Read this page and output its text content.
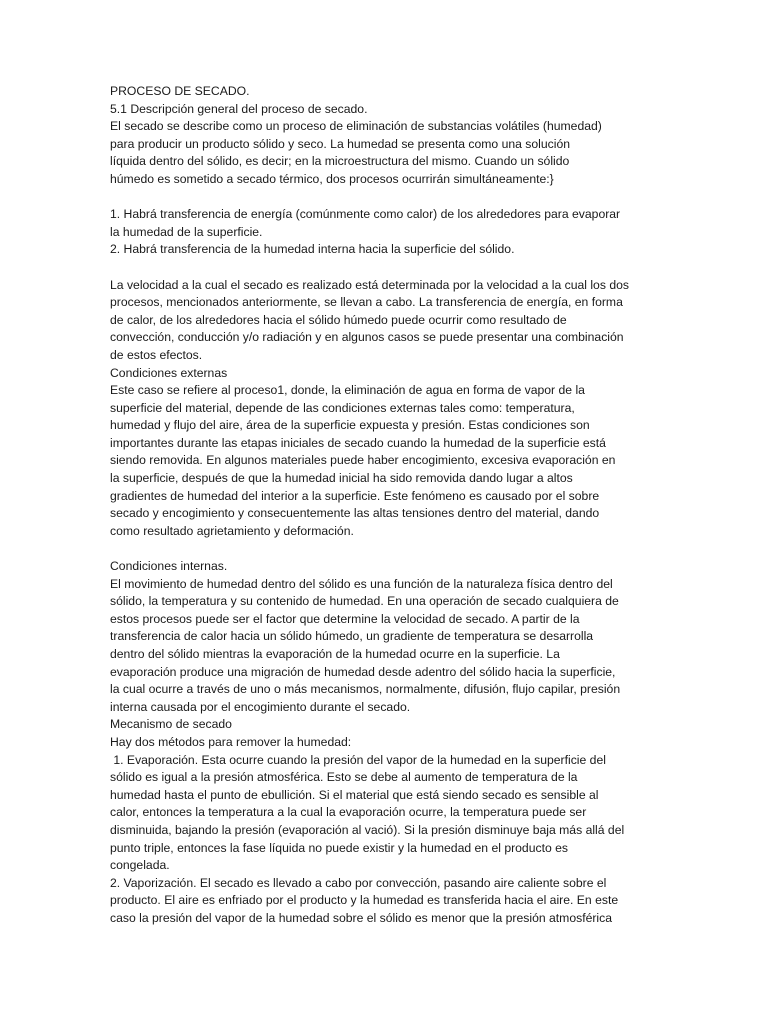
PROCESO DE SECADO.
5.1 Descripción general del proceso de secado.
El secado se describe como un proceso de eliminación de substancias volátiles (humedad)
para producir un producto sólido y seco. La humedad se presenta como una solución
líquida dentro del sólido, es decir; en la microestructura del mismo. Cuando un sólido
húmedo es sometido a secado térmico, dos procesos ocurrirán simultáneamente:}
1. Habrá transferencia de energía (comúnmente como calor) de los alrededores para evaporar
la humedad de la superficie.
2. Habrá transferencia de la humedad interna hacia la superficie del sólido.
La velocidad a la cual el secado es realizado está determinada por la velocidad a la cual los dos
procesos, mencionados anteriormente, se llevan a cabo. La transferencia de energía, en forma
de calor, de los alrededores hacia el sólido húmedo puede ocurrir como resultado de
convección, conducción y/o radiación y en algunos casos se puede presentar una combinación
de estos efectos.
Condiciones externas
Este caso se refiere al proceso1, donde, la eliminación de agua en forma de vapor de la
superficie del material, depende de las condiciones externas tales como: temperatura,
humedad y flujo del aire, área de la superficie expuesta y presión. Estas condiciones son
importantes durante las etapas iniciales de secado cuando la humedad de la superficie está
siendo removida. En algunos materiales puede haber encogimiento, excesiva evaporación en
la superficie, después de que la humedad inicial ha sido removida dando lugar a altos
gradientes de humedad del interior a la superficie. Este fenómeno es causado por el sobre
secado y encogimiento y consecuentemente las altas tensiones dentro del material, dando
como resultado agrietamiento y deformación.
Condiciones internas.
El movimiento de humedad dentro del sólido es una función de la naturaleza física dentro del
sólido, la temperatura y su contenido de humedad. En una operación de secado cualquiera de
estos procesos puede ser el factor que determine la velocidad de secado. A partir de la
transferencia de calor hacia un sólido húmedo, un gradiente de temperatura se desarrolla
dentro del sólido mientras la evaporación de la humedad ocurre en la superficie. La
evaporación produce una migración de humedad desde adentro del sólido hacia la superficie,
la cual ocurre a través de uno o más mecanismos, normalmente, difusión, flujo capilar, presión
interna causada por el encogimiento durante el secado.
Mecanismo de secado
Hay dos métodos para remover la humedad:
1. Evaporación. Esta ocurre cuando la presión del vapor de la humedad en la superficie del
sólido es igual a la presión atmosférica. Esto se debe al aumento de temperatura de la
humedad hasta el punto de ebullición. Si el material que está siendo secado es sensible al
calor, entonces la temperatura a la cual la evaporación ocurre, la temperatura puede ser
disminuida, bajando la presión (evaporación al vació). Si la presión disminuye baja más allá del
punto triple, entonces la fase líquida no puede existir y la humedad en el producto es
congelada.
2. Vaporización. El secado es llevado a cabo por convección, pasando aire caliente sobre el
producto. El aire es enfriado por el producto y la humedad es transferida hacia el aire. En este
caso la presión del vapor de la humedad sobre el sólido es menor que la presión atmosférica
